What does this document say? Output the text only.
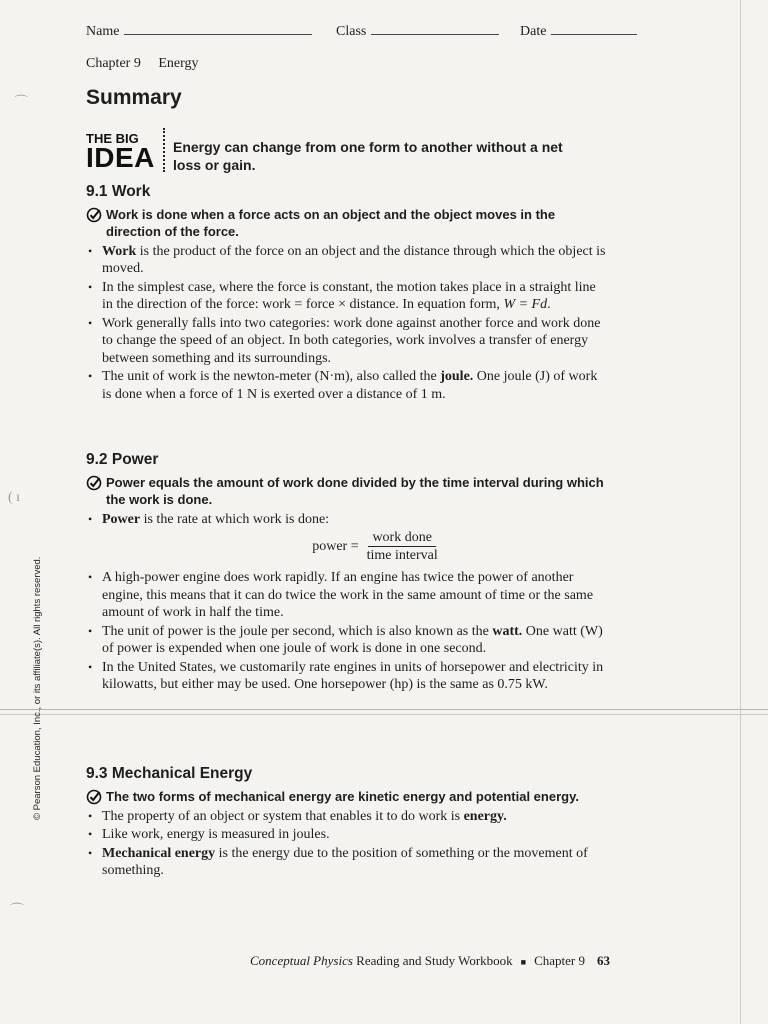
⌒
( ı
⌒
© Pearson Education, Inc., or its affiliate(s). All rights reserved.
Name	Class	Date
Chapter 9 Energy
Summary
THE BIG
IDEA Energy can change from one form to another without a net loss or gain.
9.1 Work
Work is done when a force acts on an object and the object moves in the direction of the force.
• Work is the product of the force on an object and the distance through which the object is moved.
• In the simplest case, where the force is constant, the motion takes place in a straight line in the direction of the force: work = force × distance. In equation form, W = Fd.
• Work generally falls into two categories: work done against another force and work done to change the speed of an object. In both categories, work involves a transfer of energy between something and its surroundings.
• The unit of work is the newton-meter (N·m), also called the joule. One joule (J) of work is done when a force of 1 N is exerted over a distance of 1 m.
9.2 Power
Power equals the amount of work done divided by the time interval during which the work is done.
• Power is the rate at which work is done:
power = $\frac{\text{work done}}{\text{time interval}}$
• A high-power engine does work rapidly. If an engine has twice the power of another engine, this means that it can do twice the work in the same amount of time or the same amount of work in half the time.
• The unit of power is the joule per second, which is also known as the watt. One watt (W) of power is expended when one joule of work is done in one second.
• In the United States, we customarily rate engines in units of horsepower and electricity in kilowatts, but either may be used. One horsepower (hp) is the same as 0.75 kW.
9.3 Mechanical Energy
The two forms of mechanical energy are kinetic energy and potential energy.
• The property of an object or system that enables it to do work is energy.
• Like work, energy is measured in joules.
• Mechanical energy is the energy due to the position of something or the movement of something.
Conceptual Physics Reading and Study Workbook ■ Chapter 9 63
